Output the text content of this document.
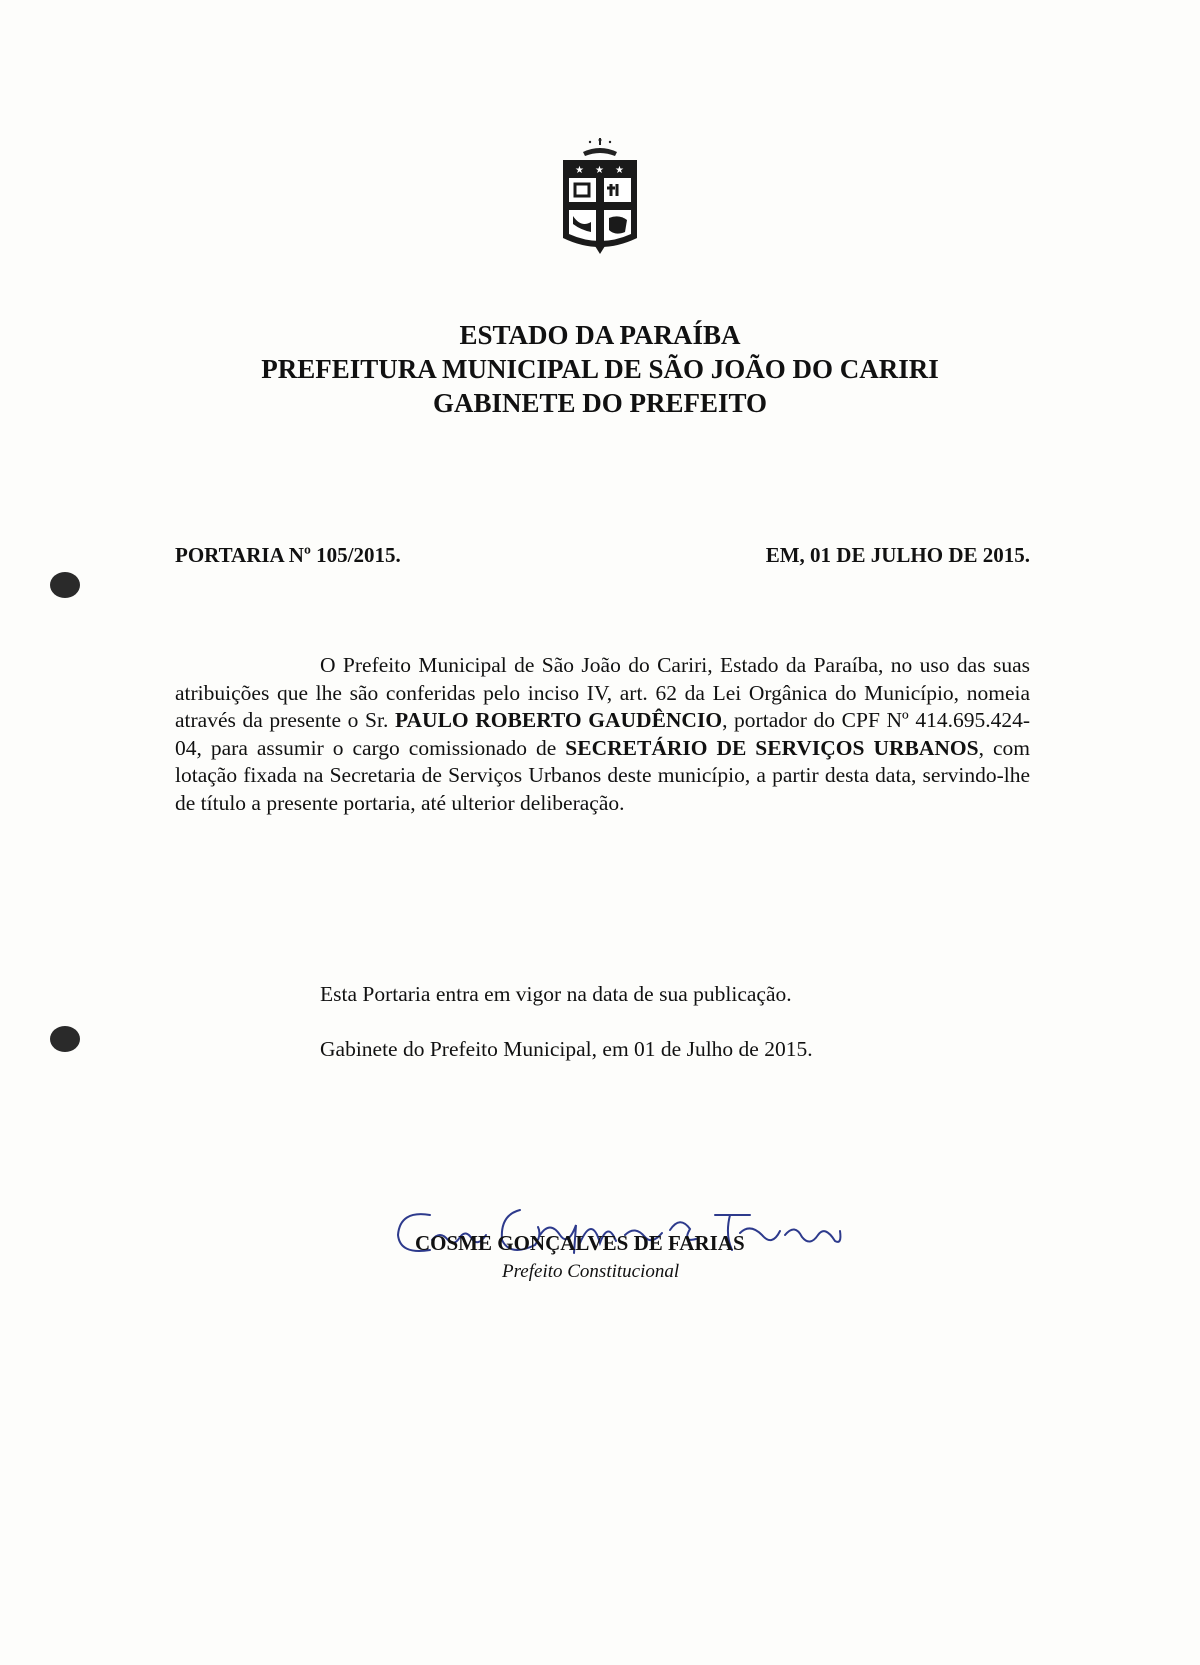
★ ★ ★
ESTADO DA PARAÍBA
PREFEITURA MUNICIPAL DE SÃO JOÃO DO CARIRI
GABINETE DO PREFEITO
PORTARIA Nº 105/2015.	EM, 01 DE JULHO DE 2015.
O Prefeito Municipal de São João do Cariri, Estado da Paraíba, no uso das suas atribuições que lhe são conferidas pelo inciso IV, art. 62 da Lei Orgânica do Município, nomeia através da presente o Sr. PAULO ROBERTO GAUDÊNCIO, portador do CPF Nº 414.695.424-04, para assumir o cargo comissionado de SECRETÁRIO DE SERVIÇOS URBANOS, com lotação fixada na Secretaria de Serviços Urbanos deste município, a partir desta data, servindo-lhe de título a presente portaria, até ulterior deliberação.
Esta Portaria entra em vigor na data de sua publicação.
Gabinete do Prefeito Municipal, em 01 de Julho de 2015.
COSME GONÇALVES DE FARIAS
Prefeito Constitucional
